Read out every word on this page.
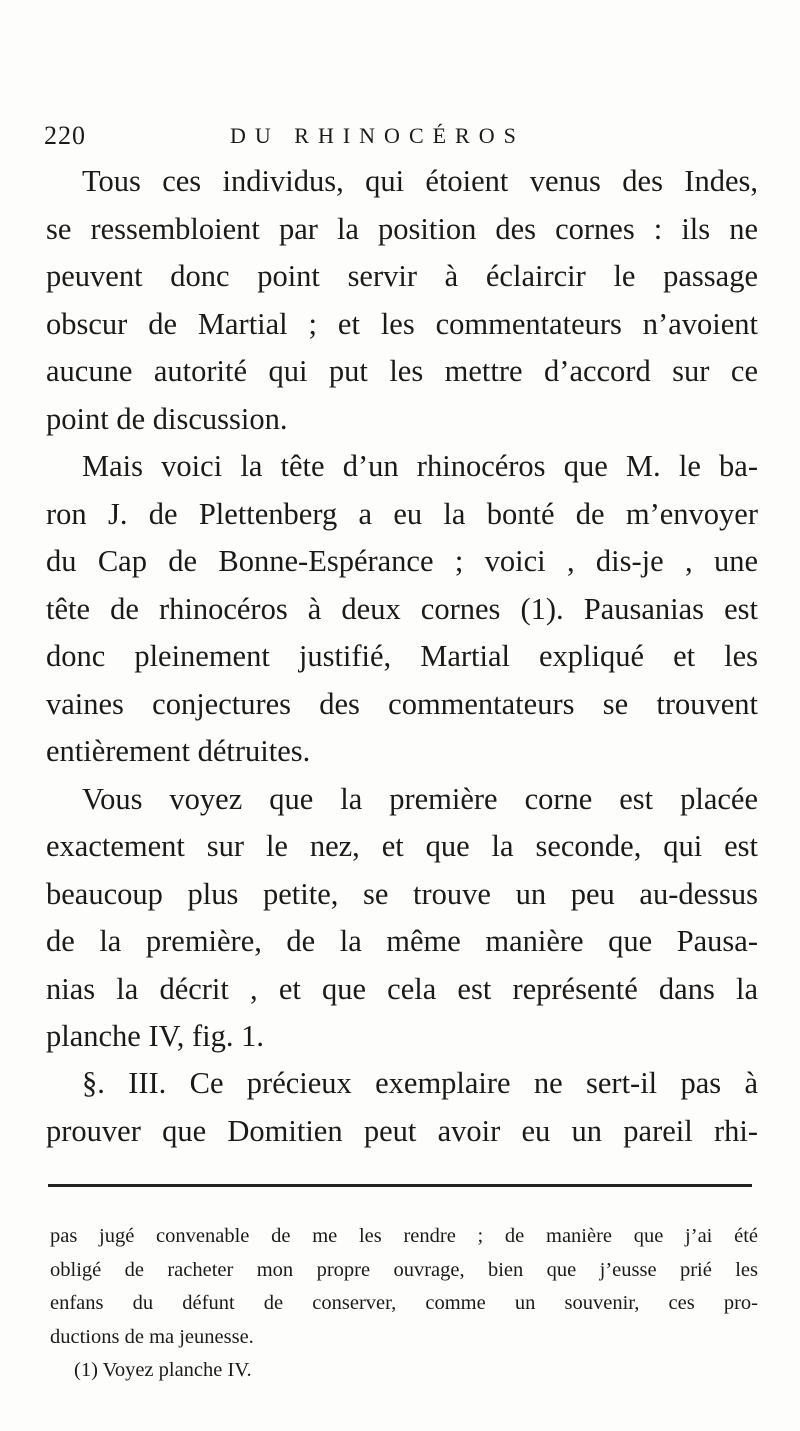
220	DU RHINOCÉROS

Tous ces individus, qui étoient venus des Indes,
se ressembloient par la position des cornes : ils ne
peuvent donc point servir à éclaircir le passage
obscur de Martial ; et les commentateurs n’avoient
aucune autorité qui put les mettre d’accord sur ce
point de discussion.

Mais voici la tête d’un rhinocéros que M. le ba-
ron J. de Plettenberg a eu la bonté de m’envoyer
du Cap de Bonne-Espérance ; voici , dis-je , une
tête de rhinocéros à deux cornes (1). Pausanias est
donc pleinement justifié, Martial expliqué et les
vaines conjectures des commentateurs se trouvent
entièrement détruites.

Vous voyez que la première corne est placée
exactement sur le nez, et que la seconde, qui est
beaucoup plus petite, se trouve un peu au-dessus
de la première, de la même manière que Pausa-
nias la décrit , et que cela est représenté dans la
planche IV, fig. 1.

§. III. Ce précieux exemplaire ne sert-il pas à
prouver que Domitien peut avoir eu un pareil rhi-
pas jugé convenable de me les rendre ; de manière que j’ai été
obligé de racheter mon propre ouvrage, bien que j’eusse prié les
enfans du défunt de conserver, comme un souvenir, ces pro-
ductions de ma jeunesse.
(1) Voyez planche IV.
